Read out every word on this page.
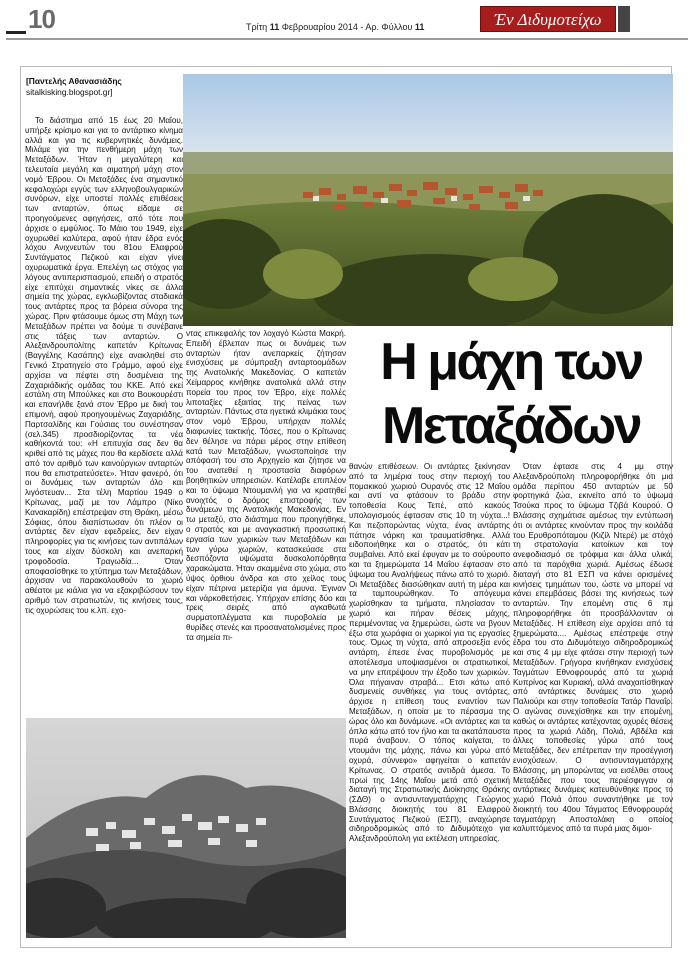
10	Τρίτη 11 Φεβρουαρίου 2014 - Αρ. Φύλλου 11	Έν Διδυμοτείχω
[Παντελής Αθανασιάδης
sitalkisking.blogspot.gr]
Η μάχη των
Μεταξάδων

Το διάστημα από 15 έως 20 Μαΐου, υπήρξε κρίσιμο και για το αντάρτικο κίνημα αλλά και για τις κυβερνητικές δυνάμεις. Μιλάμε για την πενθήμερη μάχη των Μεταξάδων. Ήταν η μεγαλύτερη και τελευταία μεγάλη και αιματηρή μάχη στον νομό Έβρου. Οι Μεταξάδες ένα σημαντικό κεφαλοχώρι εγγύς των ελληνοβουλγαρικών συνόρων, είχε υποστεί πολλές επιθέσεις των ανταρτών, όπως είδαμε σε προηγούμενες αφηγήσεις, από τότε που άρχισε ο εμφύλιος. Το Μάιο του 1949, είχε οχυρωθεί καλύτερα, αφού ήταν έδρα ενός λόχου Ανιχνευτών του 81ου Ελαφρού Συντάγματος Πεζικού και είχαν γίνει οχυρωματικά έργα. Επελέγη ως στόχος για λόγους αντιπερισπασμού, επειδή ο στρατός είχε επιτύχει σημαντικές νίκες σε άλλα σημεία της χώρας, εγκλωβίζοντας σταδιακά τους αντάρτες προς τα βόρεια σύνορα της χώρας. Πριν φτάσουμε όμως στη Μάχη των Μεταξάδων πρέπει να δούμε τι συνέβαινε στις τάξεις των ανταρτών. Ο Αλεξανδρουπολίτης καπετάν Κρίτωνας (Βαγγέλης Κασάπης) είχε ανακληθεί στο Γενικό Στρατηγείο στο Γράμμο, αφού είχε αρχίσει να πέφτει στη δυσμένεια της Ζαχαριάδικής ομάδας του ΚΚΕ. Από εκεί εστάλη στη Μπούλκες και στο Βουκουρέστι και επανήλθε ξανά στον Έβρο με δική του επιμονή, αφού προηγουμένως Ζαχαριάδης, Παρτσαλίδης και Γούσιας του συνέστησαν (σελ.345) προσδιορίζοντας τα νέα καθήκοντά του: «Η επιτυχία σας δεν θα κριθεί από τις μάχες που θα κερδίσετε αλλά από τον αριθμό των καινούργιων ανταρτών που θα επιστρατεύσετε». Ήταν φανερό, ότι οι δυνάμεις των ανταρτών όλο και λιγόστευαν... Στα τέλη Μαρτίου 1949 ο Κρίτωνας, μαζί με τον Λάμπρο (Νίκο Κανακαρίδη) επέστρεψαν στη Θράκη, μέσω Σόφιας, όπου διαπίστωσαν ότι πλέον οι αντάρτες δεν είχαν εφεδρείες, δεν είχαν πληροφορίες για τις κινήσεις των αντιπάλων τους και είχαν δύσκολη και ανεπαρκή τροφοδοσία. Τραγωδία... Όταν αποφασίσθηκε το χτύπημα των Μεταξάδων, άρχισαν να παρακολουθούν το χωριό αθέατοι με κιάλια για να εξακριβώσουν τον αριθμό των στρατιωτών, τις κινήσεις τους, τις οχυρώσεις του κ.λπ. εχο-

ντας επικεφαλής τον λοχαγό Κώστα Μακρή. Επειδή έβλεπαν πως οι δυνάμεις των ανταρτών ήταν ανεπαρκείς ζήτησαν ενισχύσεις με σύμπραξη ανταρτοομάδων της Ανατολικής Μακεδονίας. Ο καπετάν Χείμαρρος κινήθηκε ανατολικά αλλά στην πορεία του προς τον Έβρο, είχε πολλές λιποταξίες εξαιτίας της πείνας των ανταρτών. Πάντως στα ηγετικά κλιμάκια τους στον νομό Έβρου, υπήρχαν πολλές διαφωνίες τακτικής. Τόσες, που ο Κρίτωνας δεν θέλησε να πάρει μέρος στην επίθεση κατά των Μεταξάδων, γνωστοποίησε την απόφασή του στο Αρχηγείο και ζήτησε να του ανατεθεί η προστασία διαφόρων βοηθητικών υπηρεσιών. Κατέλαβε επιπλέον και το ύψωμα Ντουμανλή για να κρατηθεί ανοιχτός ο δρόμος επιστροφής των δυνάμεων της Ανατολικής Μακεδονίας. Εν τω μεταξύ, στο διάστημα που προηγήθηκε, ο στρατός και με αναγκαστική προσωπική εργασία των χωρικών των Μεταξάδων και των γύρω χωριών, κατασκεύασε στα δεσπόζοντα υψώματα δυσκολοπόρθητα χαρακώματα. Ήταν σκαμμένα στο χώμα, στο ύψος όρθιου άνδρα και στο χείλος τους είχαν πέτρινα μετερίζια για άμυνα. Έγιναν και νάρκοθετήσεις. Υπήρχαν επίσης δύο και τρεις σειρές από αγκαθωτά συρματοπλέγματα και πυροβολεία με θυρίδες στενές και προσανατολισμένες προς τα σημεία πι-

θανών επιθέσεων. Οι αντάρτες ξεκίνησαν από τα λημέρια τους στην περιοχή του πομακικού χωριού Ουρανός στις 12 Μαΐου και αντί να φτάσουν το βράδυ στην τοποθεσία Κους Τεπέ, από κακούς υπολογισμούς έφτασαν στις 10 τη νύχτα...! Και πεζοπορώντας νύχτα, ένας αντάρτης πάτησε νάρκη και τραυματίσθηκε. Αλλά ειδοποιήθηκε και ο στρατός, ότι κάτι συμβαίνει. Από εκεί έφυγαν με το σούρουπο και τα ξημερώματα 14 Μαΐου έφτασαν στο ύψωμα του Αναλήψεως πάνω από το χωριό. Οι Μεταξάδες διασώθηκαν αυτή τη μέρα και τα ταμπουρώθηκαν. Το απόγευμα χωρίσθηκαν τα τμήματα, πλησίασαν το χωριό και πήραν θέσεις μάχης, περιμένοντας να ξημερώσει, ώστε να βγουν έξω στα χωράφια οι χωρικοί για τις εργασίες τους. Όμως τη νύχτα, από απροσεξία ενός αντάρτη, έπεσε ένας πυροβολισμός με αποτέλεσμα υποψιασμένοι οι στρατιωτικοί, να μην επιτρέψουν την έξοδο των χωρικών. Όλα πήγαιναν στραβά... Ετσι κάτω από δυσμενείς συνθήκες για τους αντάρτες, άρχισε η επίθεση τους εναντίον των Μεταξάδων, η οποία με το πέρασμα της ώρας όλο και δυνάμωνε. «Οι αντάρτες και τα όπλα κάτω από τον ήλιο και τα ακατάπαυστα πυρά άναβουν. Ο τόπος καίγεται, το ντουμάνι της μάχης, πάνω και γύρω από οχυρά, σύννεφο» αφηγείται ο καπετάν Κρίτωνας. Ο στρατός αντιδρά άμεσα. Το πρωί της 14ης Μαΐου μετά από σχετική διαταγή της Στρατιωτικής Διοίκησης Θράκης (ΣΔΘ) ο αντισυνταγματάρχης Γεώργιος Βλάσσης διοικητής του 81 Ελαφρού Συντάγματος Πεζικού (ΕΣΠ), αναχώρησε σιδηροδρομικώς από το Διδυμότειχο για Αλεξανδρούπολη για εκτέλεση υπηρεσίας.

Όταν έφτασε στις 4 μμ στην Αλεξανδρούπολη πληροφορήθηκε ότι μια ομάδα περίπου 450 ανταρτών με 50 φορτηγικά ζώα, εκινείτο από το ύψωμα Τσούκα προς το ύψωμα Τζιβά Κουρού. Ο Βλάσσης σχημάτισε αμέσως την εντύπωση ότι οι αντάρτες κινούνταν προς την κοιλάδα του Ερυθροπόταμου (Κιζίλ Ντερέ) με στόχο τη στρατολογία κατοίκων και τον ανεφοδιασμό σε τρόφιμα και άλλα υλικά, από τα παρόχθια χωριά. Αμέσως έδωσε διαταγή στο 81 ΕΣΠ να κάνει ορισμένες κινήσεις τμημάτων του, ώστε να μπορεί να κάνει επεμβάσεις βάσει της κινήσεως των ανταρτών. Την επομένη στις 6 πμ πληροφορήθηκε ότι προσβάλλονταν οι Μεταξάδες. Η επίθεση είχε αρχίσει από τα ξημερώματα.... Αμέσως επέστρεψε στην έδρα του στο Διδυμότειχο σιδηροδρομικώς και στις 4 μμ είχε φτάσει στην περιοχή των Μεταξάδων. Γρήγορα κινήθηκαν ενισχύσεις Ταγμάτων Εθνοφρουράς από τα χωριά Κυπρίνος και Κυριακή, αλλά αναχαιτίσθηκαν από αντάρτικες δυνάμεις στο χωριό Παλιούρι και στην τοποθεσία Τατάρ Παναΐρ. Ο αγώνας συνεχίσθηκε και την επομένη, καθώς οι αντάρτες κατέχοντας οχυρές θέσεις προς τα χωριά Λάδη, Πολιά, Αβδέλα και άλλες τοποθεσίες γύρω από τους Μεταξάδες, δεν επέτρεπαν την προσέγγιση ενισχύσεων. Ο αντισυνταγματάρχης Βλάσσης, μη μπορώντας να εισέλθει στους Μεταξάδες που τους περιέσφιγγαν οι αντάρτικες δυνάμεις κατευθύνθηκε προς το χωριό Πολιά όπου συναντήθηκε με τον διοικητή του 40ου Τάγματος Εθνοφρουράς ταγματάρχη Αποστολάκη ο οποίος καλυπτόμενος από τα πυρά μιας διμοι-
